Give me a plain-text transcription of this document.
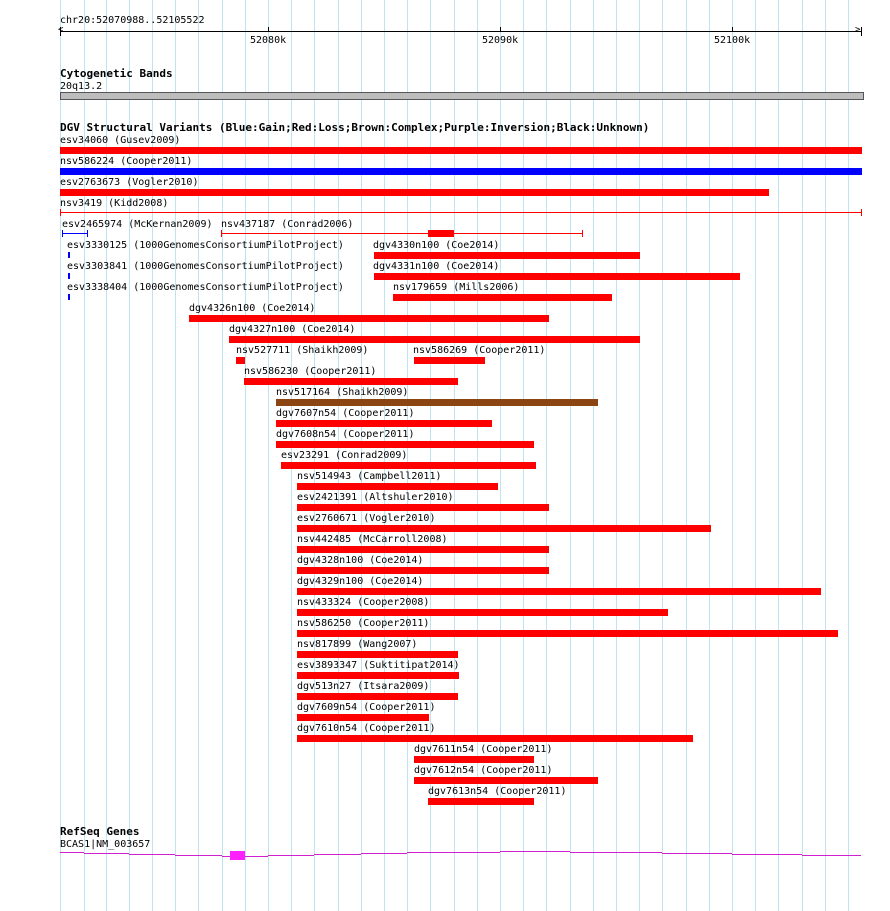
chr20:52070988..52105522
<	>
52080k	52090k	52100k
Cytogenetic Bands
20q13.2
DGV Structural Variants (Blue:Gain;Red:Loss;Brown:Complex;Purple:Inversion;Black:Unknown)
esv34060 (Gusev2009)
nsv586224 (Cooper2011)
esv2763673 (Vogler2010)
nsv3419 (Kidd2008)
esv2465974 (McKernan2009) nsv437187 (Conrad2006)
esv3330125 (1000GenomesConsortiumPilotProject)	dgv4330n100 (Coe2014)
esv3303841 (1000GenomesConsortiumPilotProject)	dgv4331n100 (Coe2014)
esv3338404 (1000GenomesConsortiumPilotProject)	nsv179659 (Mills2006)
dgv4326n100 (Coe2014)
dgv4327n100 (Coe2014)
nsv527711 (Shaikh2009)	nsv586269 (Cooper2011)
nsv586230 (Cooper2011)
nsv517164 (Shaikh2009)
dgv7607n54 (Cooper2011)
dgv7608n54 (Cooper2011)
esv23291 (Conrad2009)
nsv514943 (Campbell2011)
esv2421391 (Altshuler2010)
esv2760671 (Vogler2010)
nsv442485 (McCarroll2008)
dgv4328n100 (Coe2014)
dgv4329n100 (Coe2014)
nsv433324 (Cooper2008)
nsv586250 (Cooper2011)
nsv817899 (Wang2007)
esv3893347 (Suktitipat2014)
dgv513n27 (Itsara2009)
dgv7609n54 (Cooper2011)
dgv7610n54 (Cooper2011)
dgv7611n54 (Cooper2011)
dgv7612n54 (Cooper2011)
dgv7613n54 (Cooper2011)
RefSeq Genes
BCAS1|NM_003657
